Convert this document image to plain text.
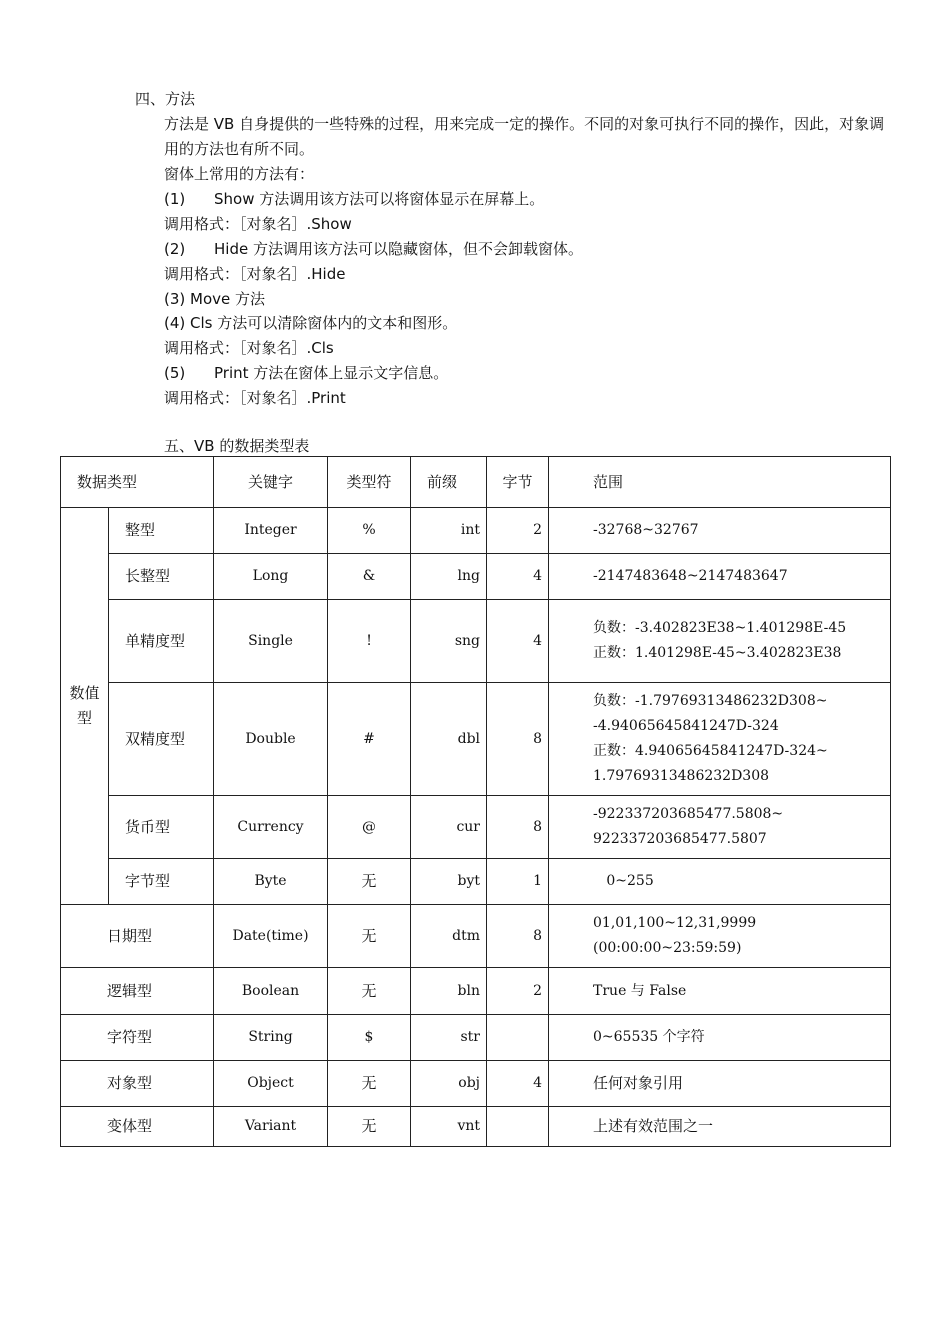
四、方法
方法是 VB 自身提供的一些特殊的过程，用来完成一定的操作。不同的对象可执行不同的操作，因此，对象调用的方法也有所不同。
窗体上常用的方法有：
(1) Show 方法调用该方法可以将窗体显示在屏幕上。
调用格式：［对象名］.Show
(2) Hide 方法调用该方法可以隐藏窗体，但不会卸载窗体。
调用格式：［对象名］.Hide
(3) Move 方法
(4) Cls 方法可以清除窗体内的文本和图形。
调用格式：［对象名］.Cls
(5) Print 方法在窗体上显示文字信息。
调用格式：［对象名］.Print
五、VB 的数据类型表
数据类型		关键字	类型符	前缀	字节	范围
数值型	整型	Integer	%	int	2	-32768~32767

	长整型	Long	&	lng	4	-2147483648~2147483647

	单精度型	Single	!	sng	4	负数：-3.402823E38~1.401298E-45
正数：1.401298E-45~3.402823E38

	双精度型	Double	#	dbl	8	负数：-1.79769313486232D308~
-4.94065645841247D-324
正数：4.94065645841247D-324~
1.79769313486232D308

	货币型	Currency	@	cur	8	-922337203685477.5808~
922337203685477.5807

	字节型	Byte	无	byt	1	0~255

日期型		Date(time)	无	dtm	8	01,01,100~12,31,9999
(00:00:00~23:59:59)

逻辑型		Boolean	无	bln	2	True 与 False

字符型		String	$	str		0~65535 个字符

对象型		Object	无	obj	4	任何对象引用

变体型		Variant	无	vnt		上述有效范围之一
